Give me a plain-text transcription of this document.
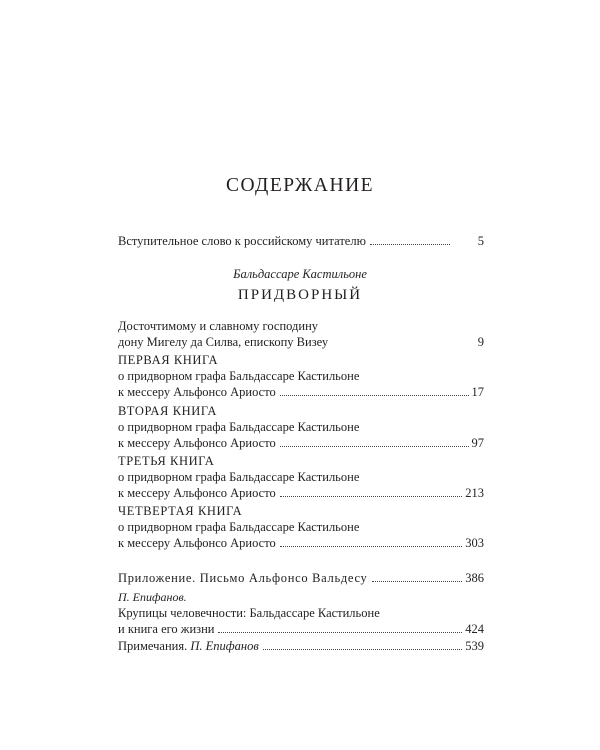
СОДЕРЖАНИЕ
Вступительное слово к российскому читателю	5
Бальдассаре Кастильоне
ПРИДВОРНЫЙ
Досточтимому и славному господину
дону Мигелу да Силва, епископу Визеу	9
ПЕРВАЯ КНИГА
о придворном графа Бальдассаре Кастильоне
к мессеру Альфонсо Ариосто	17
ВТОРАЯ КНИГА
о придворном графа Бальдассаре Кастильоне
к мессеру Альфонсо Ариосто	97
ТРЕТЬЯ КНИГА
о придворном графа Бальдассаре Кастильоне
к мессеру Альфонсо Ариосто	213
ЧЕТВЕРТАЯ КНИГА
о придворном графа Бальдассаре Кастильоне
к мессеру Альфонсо Ариосто	303
Приложение. Письмо Альфонсо Вальдесу	386
П. Епифанов.
Крупицы человечности: Бальдассаре Кастильоне
и книга его жизни	424
Примечания. П. Епифанов	539
